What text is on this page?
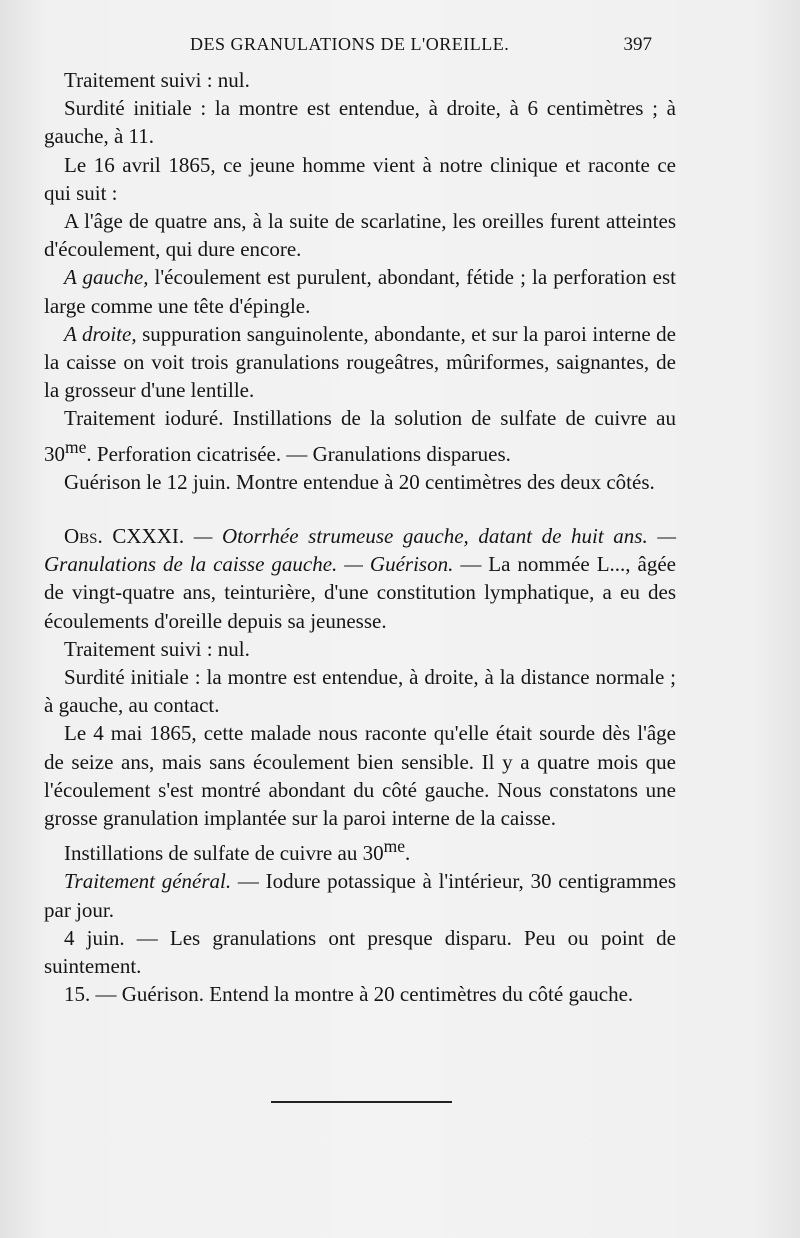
DES GRANULATIONS DE L'OREILLE.	397

Traitement suivi : nul.

Surdité initiale : la montre est entendue, à droite, à 6 centimètres ; à gauche, à 11.

Le 16 avril 1865, ce jeune homme vient à notre clinique et raconte ce qui suit :

A l'âge de quatre ans, à la suite de scarlatine, les oreilles furent atteintes d'écoulement, qui dure encore.

A gauche, l'écoulement est purulent, abondant, fétide ; la perforation est large comme une tête d'épingle.

A droite, suppuration sanguinolente, abondante, et sur la paroi interne de la caisse on voit trois granulations rougeâtres, mûriformes, saignantes, de la grosseur d'une lentille.

Traitement ioduré. Instillations de la solution de sulfate de cuivre au $30^{me}$. Perforation cicatrisée. — Granulations disparues.

Guérison le 12 juin. Montre entendue à 20 centimètres des deux côtés.

Obs. CXXXI. — Otorrhée strumeuse gauche, datant de huit ans. — Granulations de la caisse gauche. — Guérison. — La nommée L..., âgée de vingt-quatre ans, teinturière, d'une constitution lymphatique, a eu des écoulements d'oreille depuis sa jeunesse.

Traitement suivi : nul.

Surdité initiale : la montre est entendue, à droite, à la distance normale ; à gauche, au contact.

Le 4 mai 1865, cette malade nous raconte qu'elle était sourde dès l'âge de seize ans, mais sans écoulement bien sensible. Il y a quatre mois que l'écoulement s'est montré abondant du côté gauche. Nous constatons une grosse granulation implantée sur la paroi interne de la caisse.

Instillations de sulfate de cuivre au $30^{me}$.

Traitement général. — Iodure potassique à l'intérieur, 30 centigrammes par jour.

4 juin. — Les granulations ont presque disparu. Peu ou point de suintement.

15. — Guérison. Entend la montre à 20 centimètres du côté gauche.
